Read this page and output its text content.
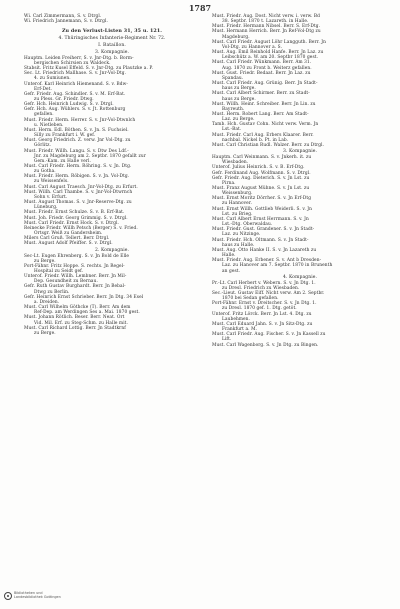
1787
Wi. Carl Zimmermann, S. v. Dtrgl.
Wi. Friedrich Jannemann, S. v. Dtrgl.
Zu den Verlust-Listen 31, 35 u. 121.
4. Thüringisches Infanterie-Regiment Nr. 72.
I. Bataillon.
3. Kompagnie.
Hauptm. Leiden Freiherr, S. v. Jnr-Dtg. b. Borm-
bergischen Schirsien zu Waldeck.
Stabsit. Fritz Kusel Effeld. S. v. Jnr-Dtg. zu Plautzke a. P.
Sec. Lt. Friedrich Mallhase. S. v. Jnr-Vol-Dtg.
4. zu Sumiunen.
Unterof. Karl Heinrich Hiemenand. S. v. Bdw-
Erf-Det.
Gefr. Friedr. Aug. Schindler. S. v. M. Erf-Bat.
zu Pless. Gr. Friedr. Dtwg.
Gefr. Hch. Heinrich Ludwig. S. v. Dtrgl.
Gefr. Hch. Aug. Wühlers. S. v. Jt. Rottenburg
gefallen.
Must. Friedr. Herm. Herrer. S. v. Jnr-Vol-Dtwnlch
u. Nietleben.
Must. Herm. Edl. Böthen. S. v. Jn. S. Fuchsiel.
Silly zu Frankfurt i. W. gef.
Must. Georg Friedrich. Z. verw. Jnr Vol-Dtg. zu
Görlitz.
Must. Friedr. Willh. Langu. S. v. Dtw Des Ldf.-
Jnr. zu Magdeburg am 2. Septbr. 1870 gefallt zur
Gem.-Kam. zu Halle verl.
Must. Carl Friedr. Herm. Röhring. S. v. Jn. Dtg.
zu Gotha.
Must. Friedr. Herm. Röbigen. S. v. Jn. Vol-Dtg.
zu Weissenfels.
Must. Carl August Traesch. Jnr-Vol-Dtg. zu Erfurt.
Must. Willh. Carl Thambe. S. v. Jnr-Vol-Dtwrnch
Sohn v. Erfurt.
Must. August Thomas. S. v. Jnr-Reserve-Dtg. zu
Lüneburg.
Must. Friedr. Ernst Schulze. S. v. B. Erf-Bat.
Must. Joh. Friedr. Georg Grimmig. S. v. Dtrgl.
Must. Carl Friedr. Ernst Hock. S. v. Dtrgl.
Reinecke Friedr. Willh Petsch (Berger) S. v. Fried.
Ortsgr. Weiß zu Gandersheim.
Milers Carl Gruß. Tellert. Berr. Dtrgl.
Must. August Adolf Pfeiffer. S. v. Dtrgl.
2. Kompagnie.
Sec-Lt. Eugen Ehrenberg. S. v. Jn Bold de Elle
zu Berge.
Port-Fähnr. Fritz Hoppe. S. rechts. Jn Regel-
Hospital zu Seidt gef.
Unterof. Friedr. Willh. Lembner. Berr. Jn Mil-
Dep. Gesundheit zu Bernau.
Gefr. Ruth Gustav Burghardt. Berr. Jn Bebal-
Dtwg zu Berlin.
Gefr. Heinrich Ernst Schrieber. Berr. Jn Dtg. 34 Esel
a. Dreiden.
Must. Carl Wilhelm Göthcke (T). Berr. Am dem
Ref-Dep. am Werdingen Ses a. Mai. 1870 gest.
Must. Johann Rötlich. Beser. Berr. Neat. Ort
Vid. Mil. Erf. zu Steg-Schm. zu Halle mit.
Must. Carl Richard Lottig. Berr. Jn Stadtkrnf
zu Berge.
Must. Friedr. Aug. Dost. Nicht verw. i. verw. Bd
38. Septbr. 1870 t. Lazareth. in Halle.
Must. Friedr. Hermann Nibsel. Berr. S. Erf-Dtg.
Must. Hermann Herrich. Berr. Jn Ref-Vol-Dtg zu
Magdeburg.
Must. Carl Friedr. August Löhr Langguth. Berr. Jn
Vol-Dtg. zu Hannover a. S.
Must. Aug. Emil Reinhold Hanfe. Berr. Jn Laz. zu
Leibschütz a. W. am 20. Septbr 1870 gest.
Must. Carl Friedr. Wünkmann. Berr. Am 31.
Aug. 1870 zu Front b. Weiterz gefallen.
Must. Gust. Friedr. Bedaat. Berr. Jn Laz. zu
Spandau.
Must. Carl Friedr. Aug. Grünig. Berr. Jn Stadt-
haus zu Berge.
Must. Carl Albert Schirmer. Berr. zu Stadt-
haus zu Berge.
Must. Willh. Heinr. Schreiber. Berr. Jn Lin. zu
Bayreuth.
Must. Herm. Robert Lang. Berr. Am Stadt-
Laz. zu Berge.
Tamb. Hch. Gustav Cohn. Nicht verw. Verm. Jn
Lst.-Bat.
Must. Friedr. Carl Aug. Erbers Klaarer. Berr.
nachbal. Nickel b. Pt. in Lab.
Must. Carl Christian Rudl. Walzer. Berr. zu Dtrgl.
3. Kompagnie.
Hauptm. Carl Weinmann. S. v. Jnkerh. it. zu
Wiesbaden.
Unterof. Julius Heinrich. S. v. B. Erf-Dtg.
Gefr. Ferdinand Aug. Wolfmann. S. v. Dtrgl.
Gefr. Friedr. Aug. Dieterich. S. v. Jn Lst. zu
Pirna.
Must. Franz August Mühne. S. v. Jn Lst. zu
Weissenburg.
Must. Ernst Moritz Dörrher. S. v. Jn Erf-Dtg
zu Hannover.
Must. Ernst Willh. Gottlieb Weiderli. S. v. Jn
Lst. zu Brieg.
Must. Carl Albert Ernst Herrmann. S. v. Jn
Lst.-Dtg. Oberwaldau.
Must. Friedr. Gust. Grandener. S. v. Jn Stadt-
Laz. zu Nitzinge.
Must. Friedr. Hch. Oltmann. S. v. Jn Stadt-
haus zu Halle.
Must. Aug. Otto Hanke II. S. v. Jn Lazareth zu
Halle.
Must. Friedr. Aug. Erbener. S. v. Ant b Dresden-
Laz. zu Hanover am 7. Septbr. 1870 in Brunenth
an gest.
4. Kompagnie.
Pr.-Lt. Carl Herbert v. Webern. S. v. Jn Dtg. 1.
zu Dresl. Friedrich zu Wiesbaden.
Sec.-Lieut. Gustav Eiff. Nicht verw. Am 2. Septbr.
1870 bei Sedan gefallen.
Port-Fähnr. Ernst v. Dreitscher. S. v. Jn Dtg. 1.
zu Dresl. 1870 gef. 1. Dtg. getöt.
Unterof. Fritz Lörck. Berr. Jn Lst. 4. Dtg. zu
Laubehmen.
Must. Carl Eduard Jahn. S. v. Jn Sitz-Dtg. zu
Frankfurt a. M.
Must. Carl Friedr. Aug. Fischer. S. v. Jn Kassell zu
Lift.
Must. Carl Wagenborg. S. v. Jn Dtg. zu Bingen.
Bibliotheken und
Landesbibliothek Gottingen
